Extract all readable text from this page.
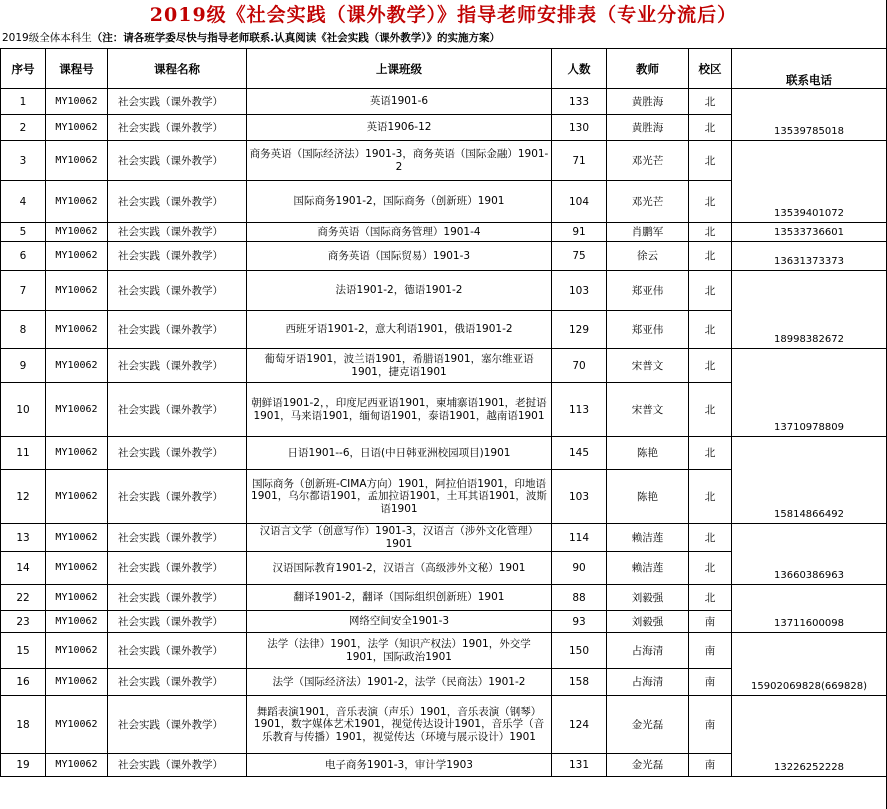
2019级《社会实践（课外教学）》指导老师安排表（专业分流后）
2019级全体本科生（注：请各班学委尽快与指导老师联系.认真阅读《社会实践（课外教学）》的实施方案）
序号	课程号	课程名称	上课班级	人数	教师	校区	联系电话
1	MY10062	社会实践（课外教学）	英语1901-6	133	黄胜海	北	13539785018
2	MY10062	社会实践（课外教学）	英语1906-12	130	黄胜海	北	
3	MY10062	社会实践（课外教学）	商务英语（国际经济法）1901-3，商务英语（国际金融）1901-2	71	邓光芒	北	13539401072
4	MY10062	社会实践（课外教学）	国际商务1901-2，国际商务（创新班）1901	104	邓光芒	北	
5	MY10062	社会实践（课外教学）	商务英语（国际商务管理）1901-4	91	肖鹏军	北	13533736601
6	MY10062	社会实践（课外教学）	商务英语（国际贸易）1901-3	75	徐云	北	13631373373
7	MY10062	社会实践（课外教学）	法语1901-2，德语1901-2	103	郑亚伟	北	18998382672
8	MY10062	社会实践（课外教学）	西班牙语1901-2，意大利语1901，俄语1901-2	129	郑亚伟	北	
9	MY10062	社会实践（课外教学）	葡萄牙语1901，波兰语1901，希腊语1901，塞尔维亚语1901，捷克语1901	70	宋普文	北	13710978809
10	MY10062	社会实践（课外教学）	朝鲜语1901-2，，印度尼西亚语1901，柬埔寨语1901，老挝语1901，马来语1901，缅甸语1901，泰语1901，越南语1901	113	宋普文	北	
11	MY10062	社会实践（课外教学）	日语1901--6，日语(中日韩亚洲校园项目)1901	145	陈艳	北	15814866492
12	MY10062	社会实践（课外教学）	国际商务（创新班-CIMA方向）1901，阿拉伯语1901，印地语1901，乌尔都语1901，孟加拉语1901，土耳其语1901，波斯语1901	103	陈艳	北	
13	MY10062	社会实践（课外教学）	汉语言文学（创意写作）1901-3，汉语言（涉外文化管理）1901	114	赖洁莲	北	13660386963
14	MY10062	社会实践（课外教学）	汉语国际教育1901-2，汉语言（高级涉外文秘）1901	90	赖洁莲	北	
22	MY10062	社会实践（课外教学）	翻译1901-2，翻译（国际组织创新班）1901	88	刘毅强	北	13711600098
23	MY10062	社会实践（课外教学）	网络空间安全1901-3	93	刘毅强	南	
15	MY10062	社会实践（课外教学）	法学（法律）1901，法学（知识产权法）1901，外交学1901，国际政治1901	150	占海清	南	15902069828(669828)
16	MY10062	社会实践（课外教学）	法学（国际经济法）1901-2，法学（民商法）1901-2	158	占海清	南	
18	MY10062	社会实践（课外教学）	舞蹈表演1901，音乐表演（声乐）1901，音乐表演（钢琴）1901，数字媒体艺术1901，视觉传达设计1901，音乐学（音乐教育与传播）1901，视觉传达（环境与展示设计）1901	124	金光磊	南	13226252228
19	MY10062	社会实践（课外教学）	电子商务1901-3，审计学1903	131	金光磊	南	
